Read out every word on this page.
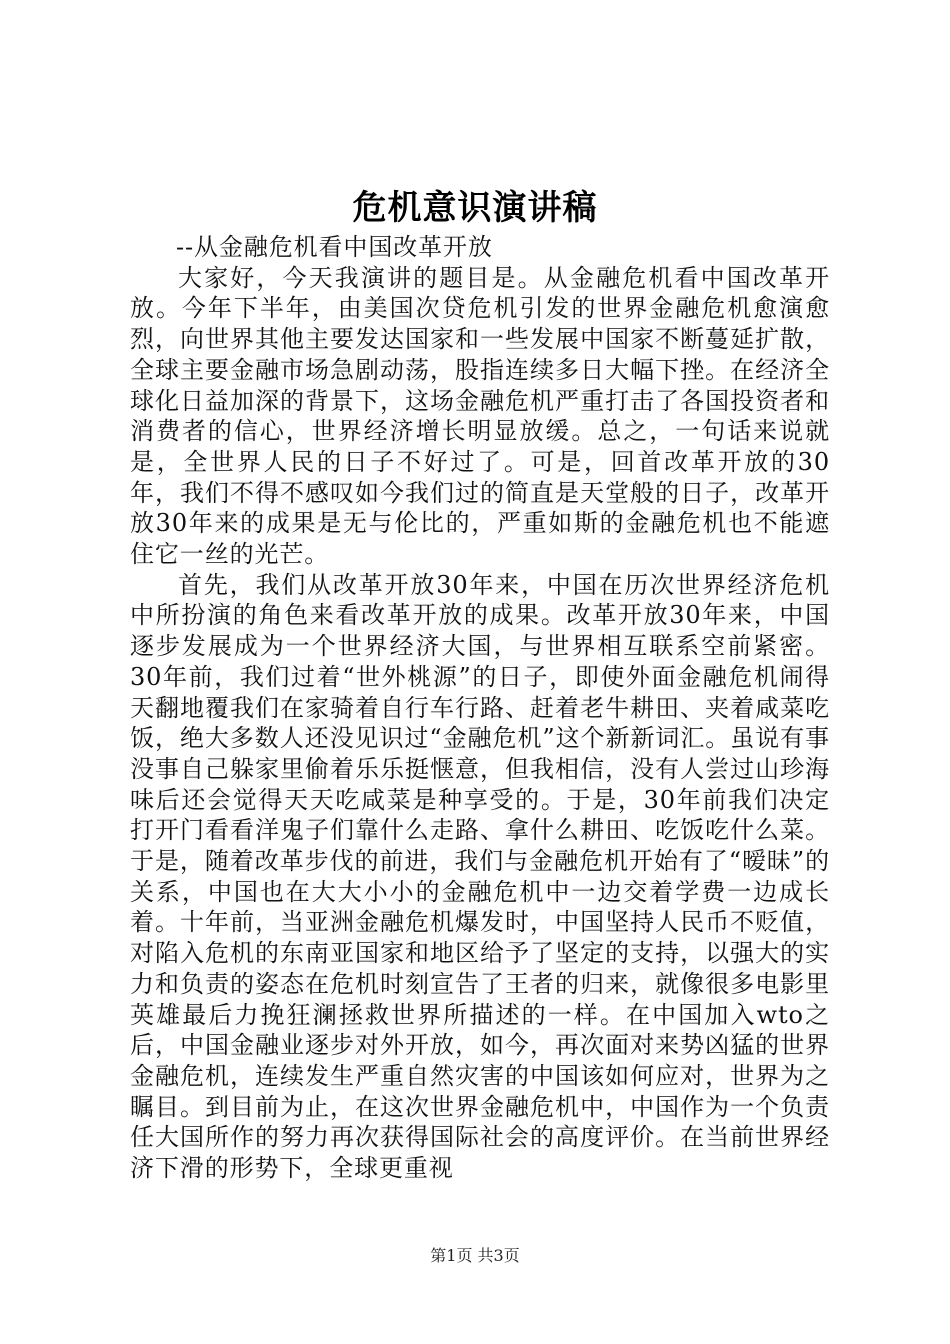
危机意识演讲稿

--从金融危机看中国改革开放

大家好，今天我演讲的题目是。从金融危机看中国改革开放。今年下半年，由美国次贷危机引发的世界金融危机愈演愈烈，向世界其他主要发达国家和一些发展中国家不断蔓延扩散，全球主要金融市场急剧动荡，股指连续多日大幅下挫。在经济全球化日益加深的背景下，这场金融危机严重打击了各国投资者和消费者的信心，世界经济增长明显放缓。总之，一句话来说就是，全世界人民的日子不好过了。可是，回首改革开放的30年，我们不得不感叹如今我们过的简直是天堂般的日子，改革开放30年来的成果是无与伦比的，严重如斯的金融危机也不能遮住它一丝的光芒。

首先，我们从改革开放30年来，中国在历次世界经济危机中所扮演的角色来看改革开放的成果。改革开放30年来，中国逐步发展成为一个世界经济大国，与世界相互联系空前紧密。30年前，我们过着“世外桃源”的日子，即使外面金融危机闹得天翻地覆我们在家骑着自行车行路、赶着老牛耕田、夹着咸菜吃饭，绝大多数人还没见识过“金融危机”这个新新词汇。虽说有事没事自己躲家里偷着乐乐挺惬意，但我相信，没有人尝过山珍海味后还会觉得天天吃咸菜是种享受的。于是，30年前我们决定打开门看看洋鬼子们靠什么走路、拿什么耕田、吃饭吃什么菜。于是，随着改革步伐的前进，我们与金融危机开始有了“暧昧”的关系，中国也在大大小小的金融危机中一边交着学费一边成长着。十年前，当亚洲金融危机爆发时，中国坚持人民币不贬值，对陷入危机的东南亚国家和地区给予了坚定的支持，以强大的实力和负责的姿态在危机时刻宣告了王者的归来，就像很多电影里英雄最后力挽狂澜拯救世界所描述的一样。在中国加入wto之后，中国金融业逐步对外开放，如今，再次面对来势凶猛的世界金融危机，连续发生严重自然灾害的中国该如何应对，世界为之瞩目。到目前为止，在这次世界金融危机中，中国作为一个负责任大国所作的努力再次获得国际社会的高度评价。在当前世界经济下滑的形势下，全球更重视

第1页 共3页
